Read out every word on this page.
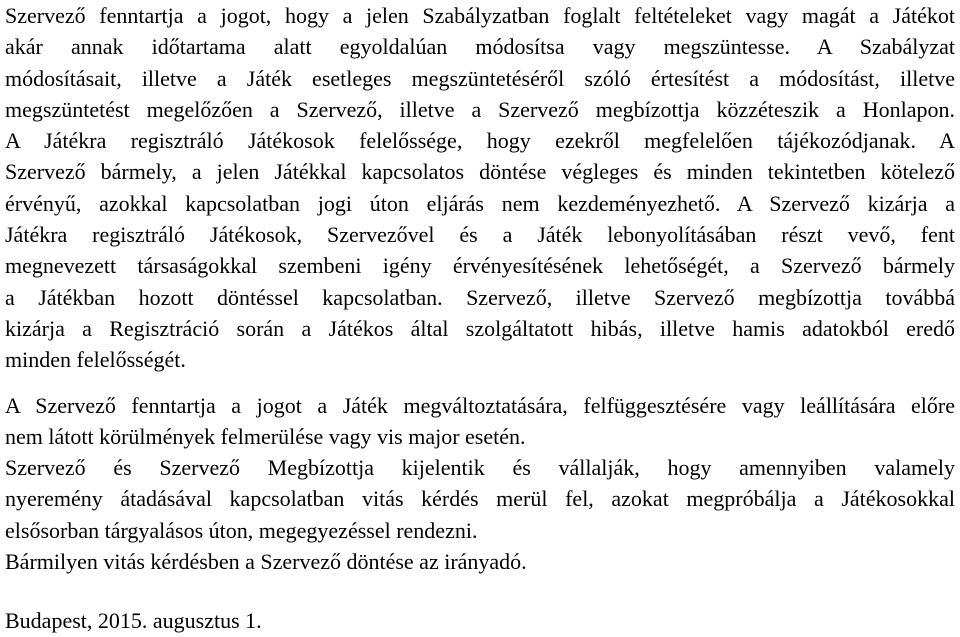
Szervező fenntartja a jogot, hogy a jelen Szabályzatban foglalt feltételeket vagy magát a Játékot
akár annak időtartama alatt egyoldalúan módosítsa vagy megszüntesse. A Szabályzat
módosításait, illetve a Játék esetleges megszüntetéséről szóló értesítést a módosítást, illetve
megszüntetést megelőzően a Szervező, illetve a Szervező megbízottja közzéteszik a Honlapon.
A Játékra regisztráló Játékosok felelőssége, hogy ezekről megfelelően tájékozódjanak. A
Szervező bármely, a jelen Játékkal kapcsolatos döntése végleges és minden tekintetben kötelező
érvényű, azokkal kapcsolatban jogi úton eljárás nem kezdeményezhető. A Szervező kizárja a
Játékra regisztráló Játékosok, Szervezővel és a Játék lebonyolításában részt vevő, fent
megnevezett társaságokkal szembeni igény érvényesítésének lehetőségét, a Szervező bármely
a Játékban hozott döntéssel kapcsolatban. Szervező, illetve Szervező megbízottja továbbá
kizárja a Regisztráció során a Játékos által szolgáltatott hibás, illetve hamis adatokból eredő
minden felelősségét.
A Szervező fenntartja a jogot a Játék megváltoztatására, felfüggesztésére vagy leállítására előre
nem látott körülmények felmerülése vagy vis major esetén.
Szervező és Szervező Megbízottja kijelentik és vállalják, hogy amennyiben valamely
nyeremény átadásával kapcsolatban vitás kérdés merül fel, azokat megpróbálja a Játékosokkal
elsősorban tárgyalásos úton, megegyezéssel rendezni.
Bármilyen vitás kérdésben a Szervező döntése az irányadó.
Budapest, 2015. augusztus 1.
